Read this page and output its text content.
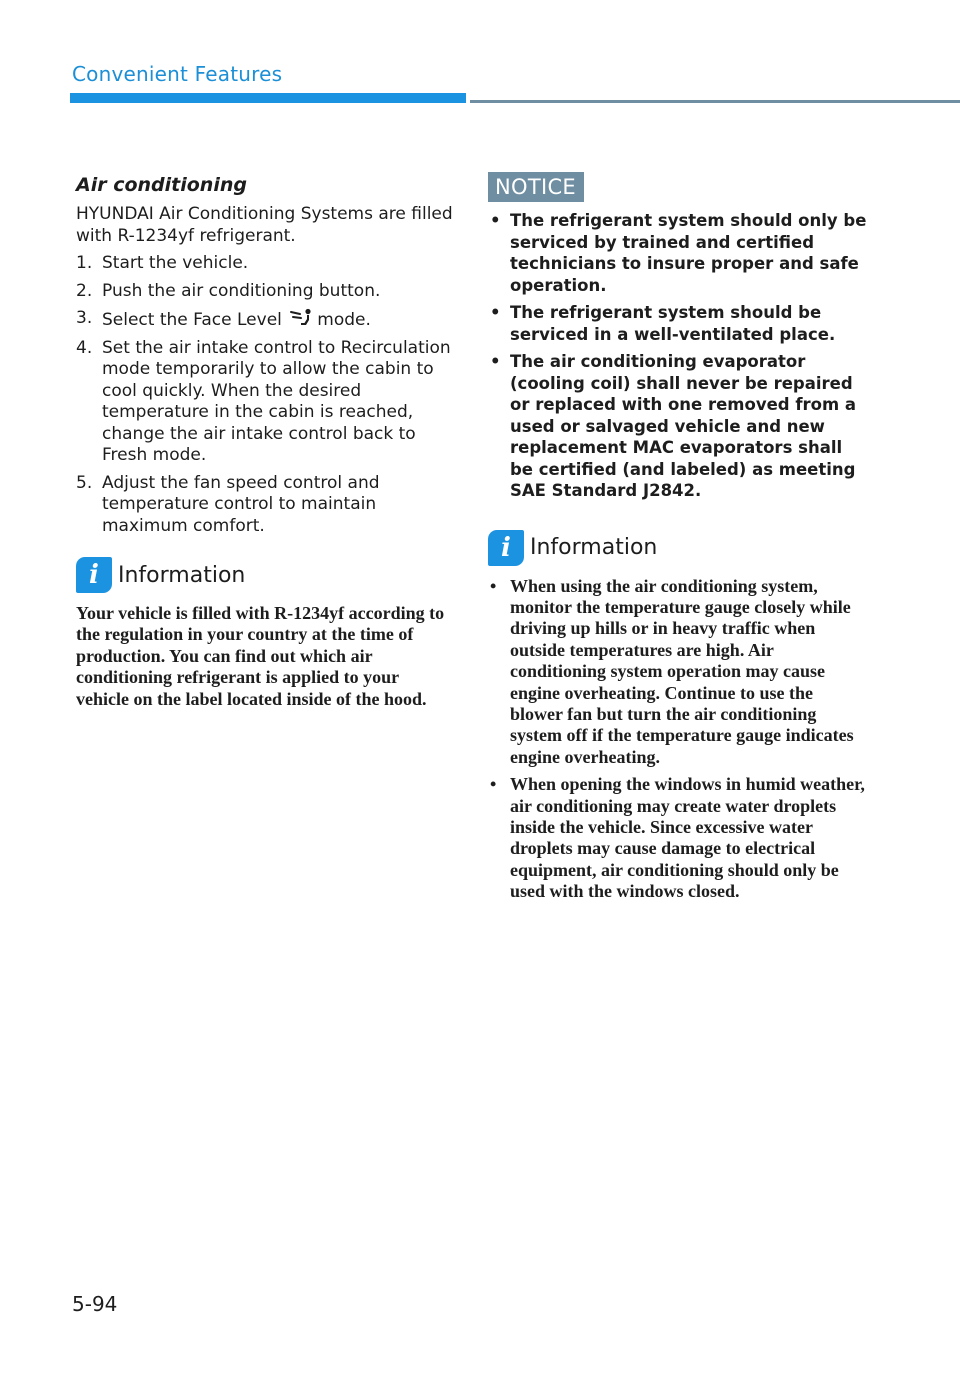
Convenient Features
Air conditioning

HYUNDAI Air Conditioning Systems are filled with R-1234yf refrigerant.

1. Start the vehicle.
2. Push the air conditioning button.
3. Select the Face Level mode.
4. Set the air intake control to Recirculation mode temporarily to allow the cabin to cool quickly. When the desired temperature in the cabin is reached, change the air intake control back to Fresh mode.
5. Adjust the fan speed control and temperature control to maintain maximum comfort.
i Information

Your vehicle is filled with R-1234yf according to the regulation in your country at the time of production. You can find out which air conditioning refrigerant is applied to your vehicle on the label located inside of the hood.

NOTICE
• The refrigerant system should only be serviced by trained and certified technicians to insure proper and safe operation.
• The refrigerant system should be serviced in a well-ventilated place.
• The air conditioning evaporator (cooling coil) shall never be repaired or replaced with one removed from a used or salvaged vehicle and new replacement MAC evaporators shall be certified (and labeled) as meeting SAE Standard J2842.
i Information
• When using the air conditioning system, monitor the temperature gauge closely while driving up hills or in heavy traffic when outside temperatures are high. Air conditioning system operation may cause engine overheating. Continue to use the blower fan but turn the air conditioning system off if the temperature gauge indicates engine overheating.
• When opening the windows in humid weather, air conditioning may create water droplets inside the vehicle. Since excessive water droplets may cause damage to electrical equipment, air conditioning should only be used with the windows closed.
5-94
